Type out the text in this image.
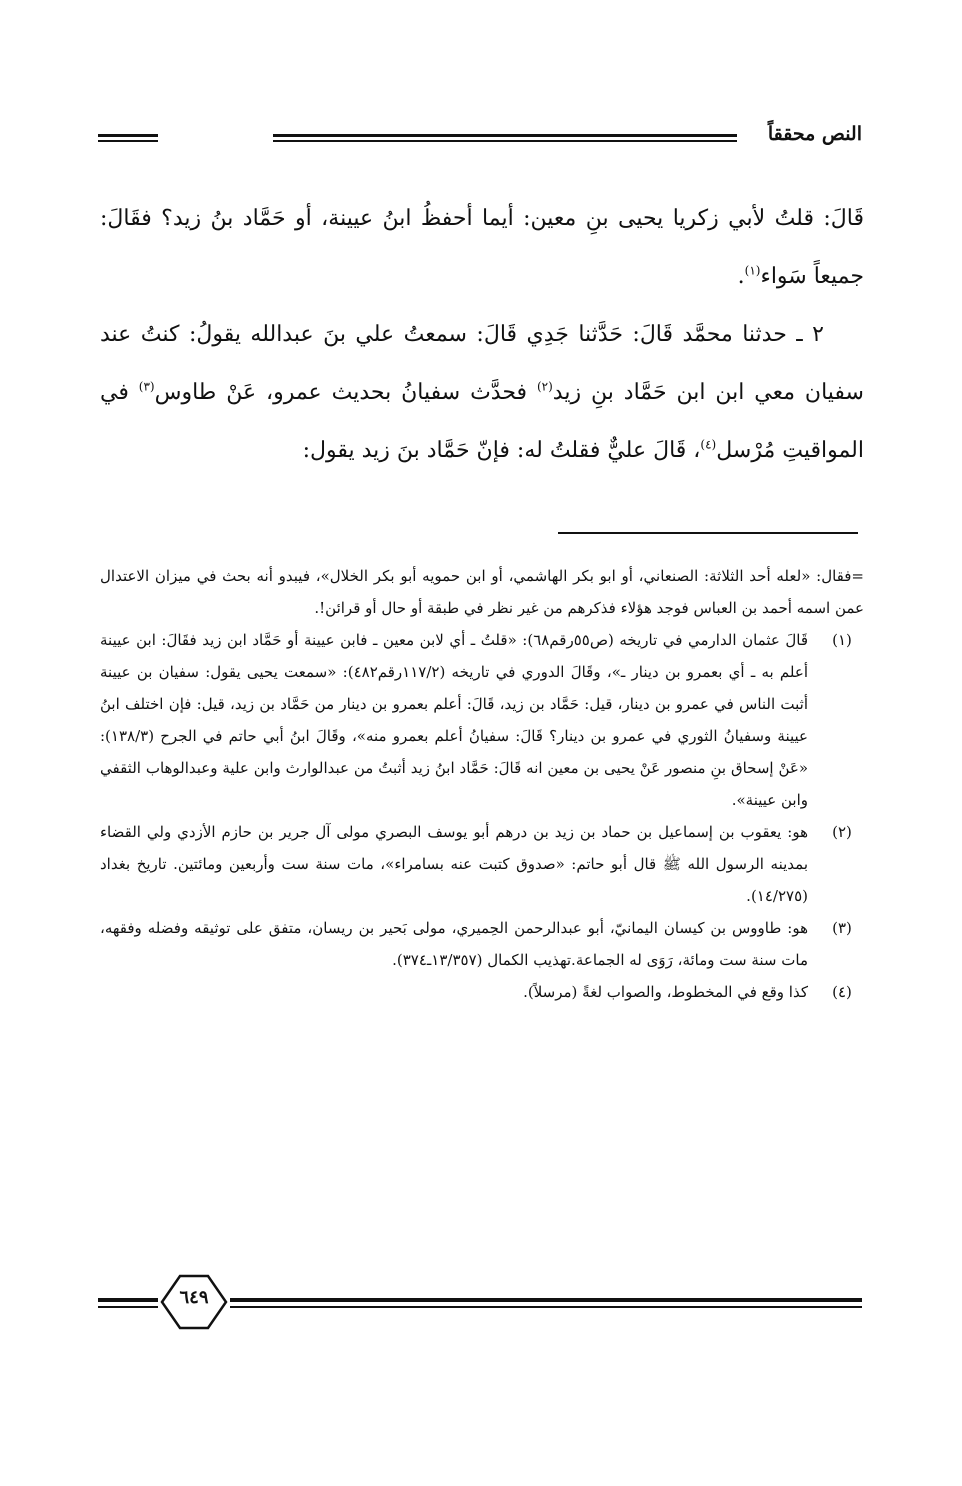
النص محققاً

قَالَ: قلتُ لأبي زكريا يحيى بنِ معين: أيما أحفظُ ابنُ عيينة، أو حَمَّاد بنُ زيد؟ فقَالَ: جميعاً سَواء$^{(١)}$.

٢ ـ حدثنا محمَّد قَالَ: حَدَّثنا جَدِي قَالَ: سمعتُ علي بنَ عبدالله يقولُ: كنتُ عند سفيان معي ابن ابن حَمَّاد بنِ زيد$^{(٢)}$ فحدَّث سفيانُ بحديث عمرو، عَنْ طاوس$^{(٣)}$ في المواقيتِ مُرْسل$^{(٤)}$، قَالَ عليٌّ فقلتُ له: فإنّ حَمَّاد بنَ زيد يقول:

=فقال: «لعله أحد الثلاثة: الصنعاني، أو ابو بكر الهاشمي، أو ابن حمويه أبو بكر الخلال»، فيبدو أنه بحث في ميزان الاعتدال عمن اسمه أحمد بن العباس فوجد هؤلاء فذكرهم من غير نظر في طبقة أو حال أو قرائن!.

(١)
قَالَ عثمان الدارمي في تاريخه (ص٥٥رقم٦٨): «قلتُ ـ أي لابن معين ـ فابن عيينة أو حَمَّاد ابن زيد فقَالَ: ابن عيينة أعلم به ـ أي بعمرو بن دينار ـ»، وقَالَ الدوري في تاريخه (١١٧/٢رقم٤٨٢): «سمعت يحيى يقول: سفيان بن عيينة أثبت الناس في عمرو بن دينار، قيل: حَمَّاد بن زيد، قَالَ: أعلم بعمرو بن دينار من حَمَّاد بن زيد، قيل: فإن اختلف ابنُ عيينة وسفيانُ الثوري في عمرو بن دينار؟ قَالَ: سفيانُ أعلم بعمرو منه»، وقَالَ ابنُ أبي حاتم في الجرح (١٣٨/٣): «عَنْ إسحاق بنِ منصور عَنْ يحيى بن معين انه قَالَ: حَمَّاد ابنُ زيد أثبتُ من عبدالوارث وابن علية وعبدالوهاب الثقفي وابن عيينة».
(٢)
هو: يعقوب بن إسماعيل بن حماد بن زيد بن درهم أبو يوسف البصري مولى آل جرير بن حازم الأزدي ولي القضاء بمدينه الرسول الله ﷺ قال أبو حاتم: «صدوق كتبت عنه بسامراء»، مات سنة ست وأربعين ومائتين. تاريخ بغداد (١٤/٢٧٥).
(٣)
هو: طاووس بن كيسان اليمانيّ، أبو عبدالرحمن الحِميري، مولى بَحير بن ريسان، متفق على توثيقه وفضله وفقهه، مات سنة ست ومائة، رَوَى له الجماعة.تهذيب الكمال (١٣/٣٥٧ـ٣٧٤).
(٤)
كذا وقع في المخطوط، والصواب لغةً (مرسلاً).
٦٤٩
